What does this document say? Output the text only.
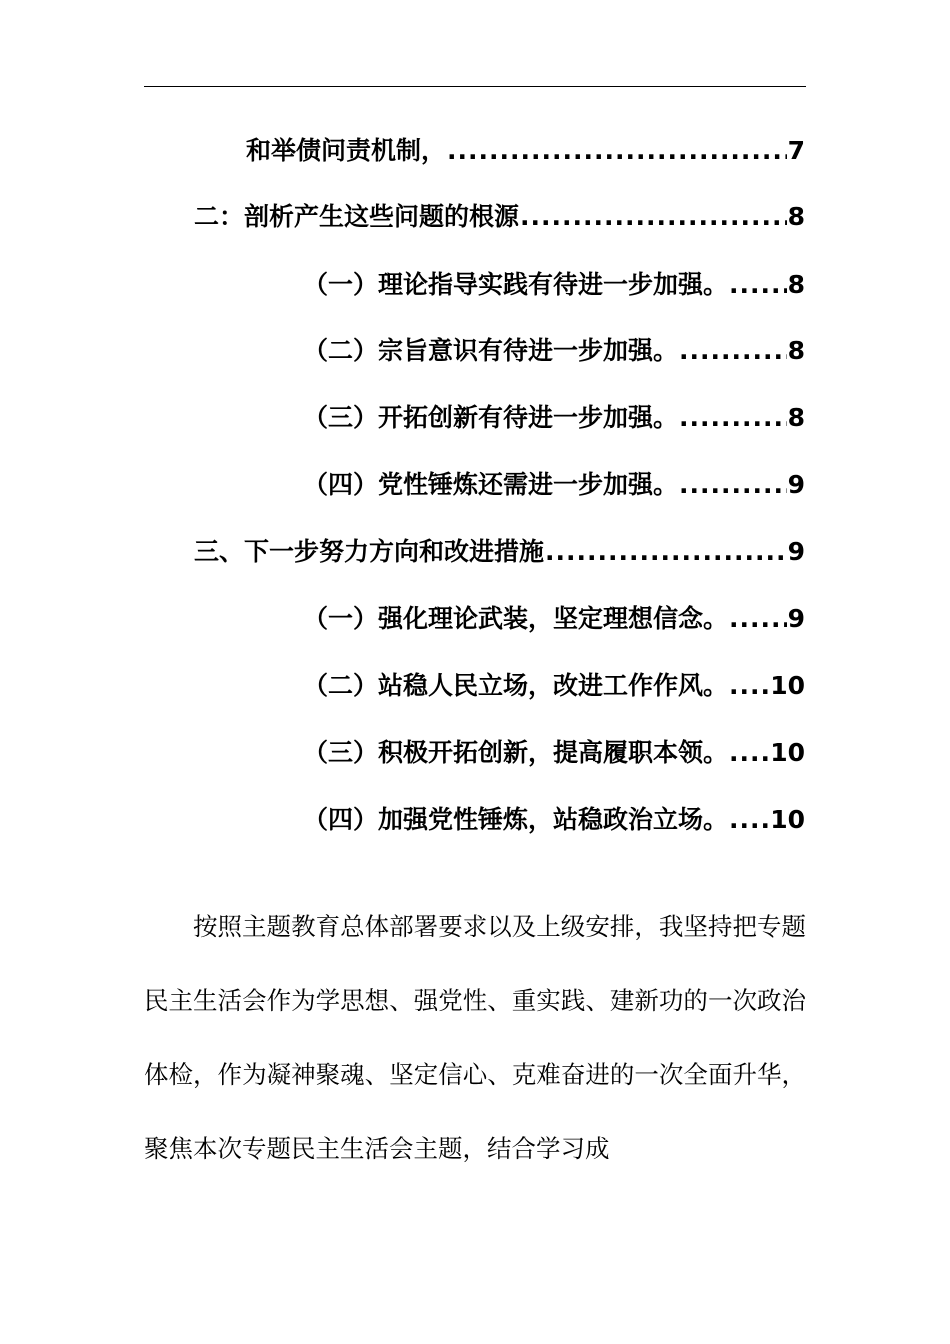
和举债问责机制， .....	7
二：剖析产生这些问题的根源 .....	8
（一）理论指导实践有待进一步加强。 ..... 8
（二）宗旨意识有待进一步加强。 .....	8
（三）开拓创新有待进一步加强。 .....	8
（四）党性锤炼还需进一步加强。 .....	9
三、下一步努力方向和改进措施 .....	9
（一）强化理论武装，坚定理想信念。 ..... 9
（二）站稳人民立场，改进工作作风。 ..... 10
（三）积极开拓创新，提高履职本领。 ..... 10
（四）加强党性锤炼，站稳政治立场。 ..... 10

按照主题教育总体部署要求以及上级安排，我坚持把专题民主生活会作为学思想、强党性、重实践、建新功的一次政治体检，作为凝神聚魂、坚定信心、克难奋进的一次全面升华，聚焦本次专题民主生活会主题，结合学习成
